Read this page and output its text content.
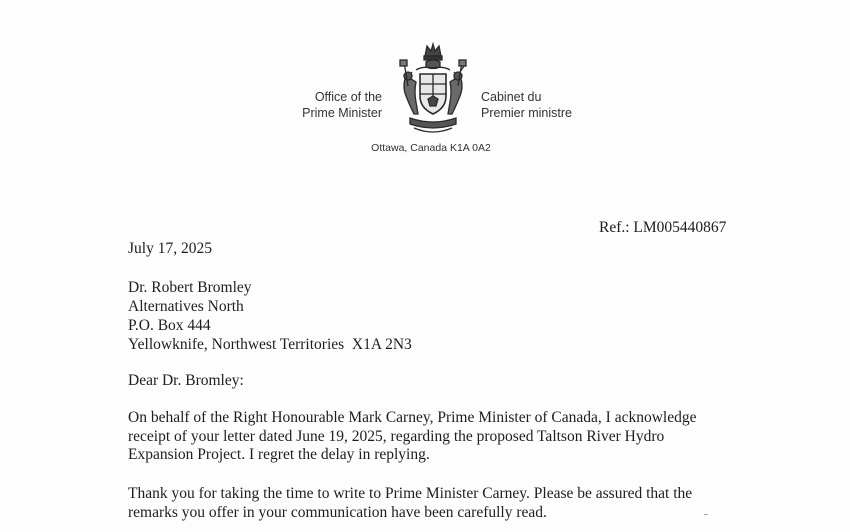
Office of the
Prime Minister
Cabinet du
Premier ministre
Ottawa, Canada K1A 0A2
Ref.: LM005440867
July 17, 2025
Dr. Robert Bromley
Alternatives North
P.O. Box 444
Yellowknife, Northwest Territories  X1A 2N3
Dear Dr. Bromley:
On behalf of the Right Honourable Mark Carney, Prime Minister of Canada, I acknowledge
receipt of your letter dated June 19, 2025, regarding the proposed Taltson River Hydro
Expansion Project. I regret the delay in replying.
Thank you for taking the time to write to Prime Minister Carney. Please be assured that the
remarks you offer in your communication have been carefully read.
